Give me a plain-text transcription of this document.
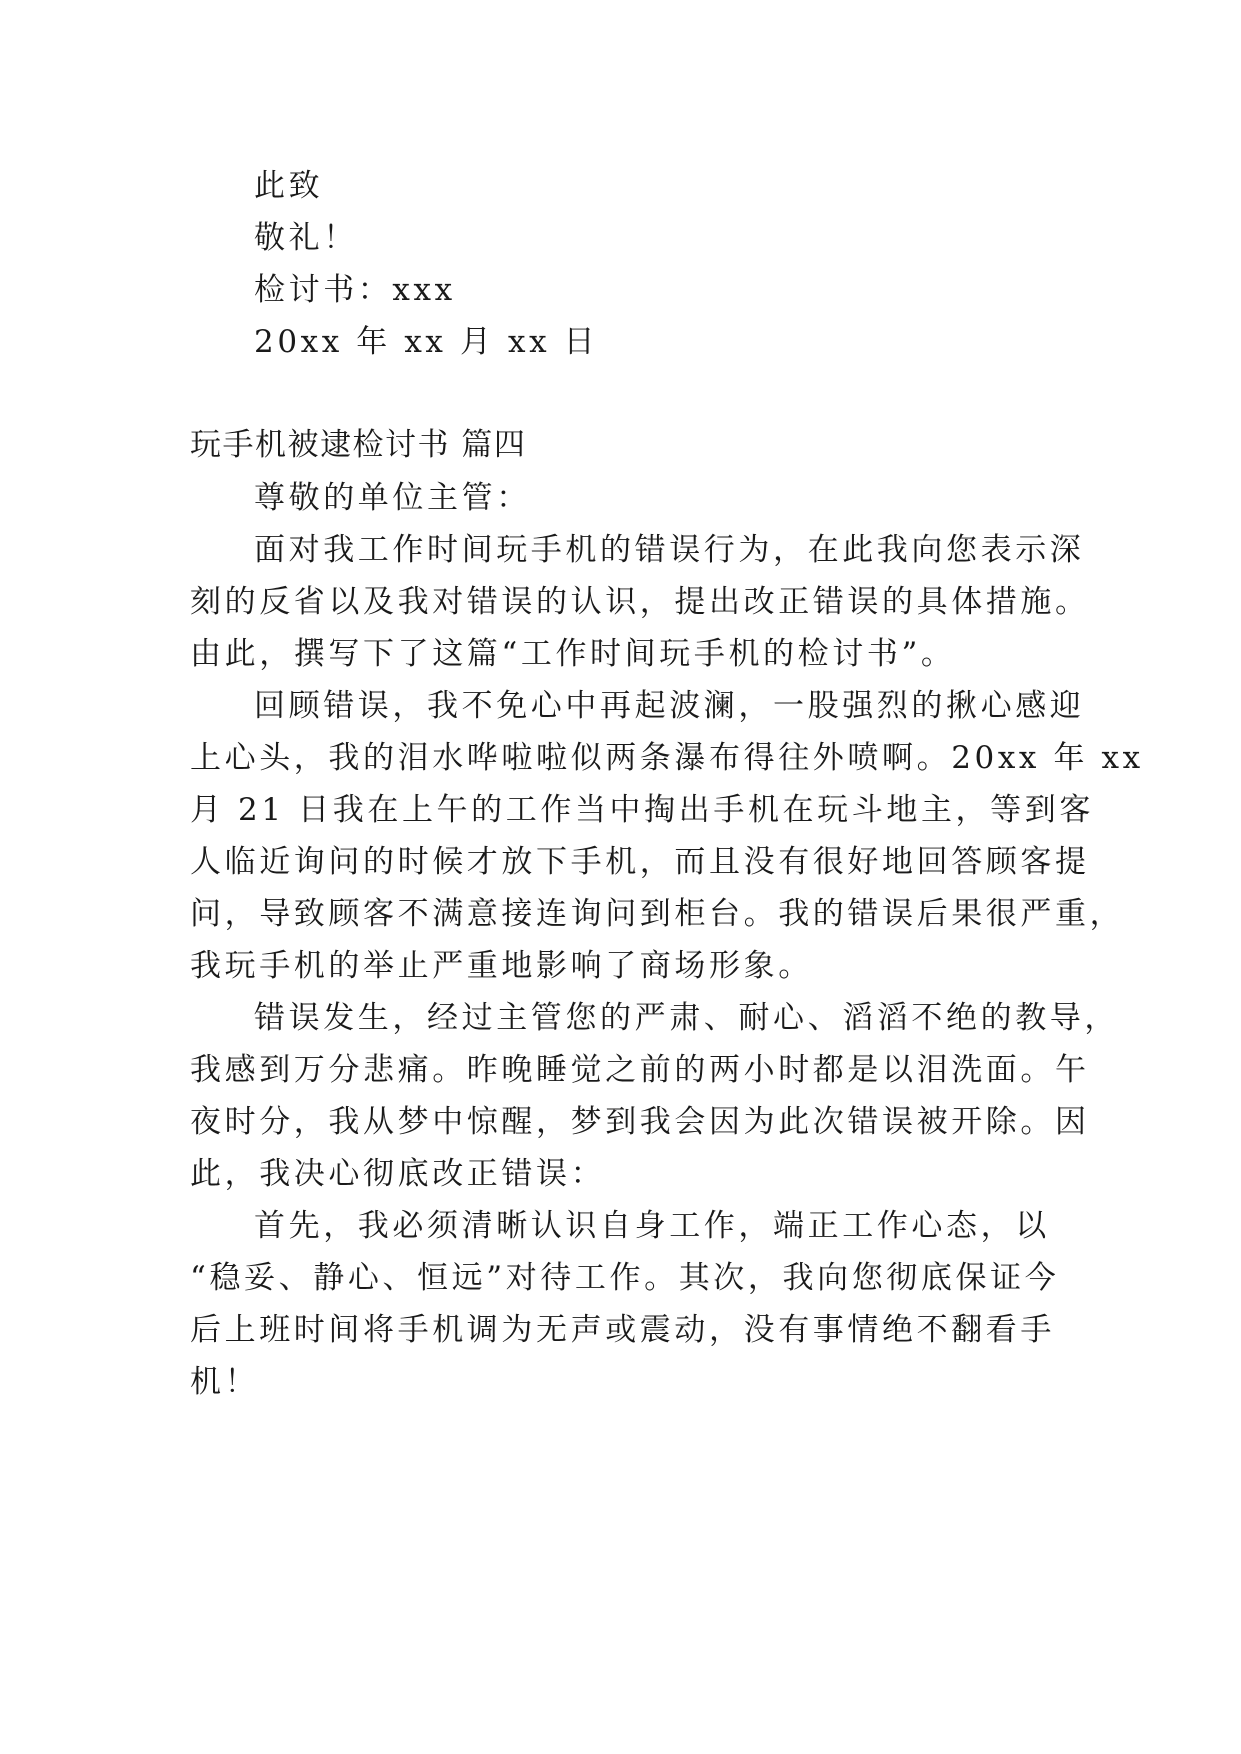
此致
敬礼！
检讨书：xxx
20xx 年 xx 月 xx 日
玩手机被逮检讨书 篇四
尊敬的单位主管：
面对我工作时间玩手机的错误行为，在此我向您表示深
刻的反省以及我对错误的认识，提出改正错误的具体措施。
由此，撰写下了这篇“工作时间玩手机的检讨书”。
回顾错误，我不免心中再起波澜，一股强烈的揪心感迎
上心头，我的泪水哗啦啦似两条瀑布得往外喷啊。20xx 年 xx
月 21 日我在上午的工作当中掏出手机在玩斗地主，等到客
人临近询问的时候才放下手机，而且没有很好地回答顾客提
问，导致顾客不满意接连询问到柜台。我的错误后果很严重，
我玩手机的举止严重地影响了商场形象。
错误发生，经过主管您的严肃、耐心、滔滔不绝的教导，
我感到万分悲痛。昨晚睡觉之前的两小时都是以泪洗面。午
夜时分，我从梦中惊醒，梦到我会因为此次错误被开除。因
此，我决心彻底改正错误：
首先，我必须清晰认识自身工作，端正工作心态，以
“稳妥、静心、恒远”对待工作。其次，我向您彻底保证今
后上班时间将手机调为无声或震动，没有事情绝不翻看手
机！
